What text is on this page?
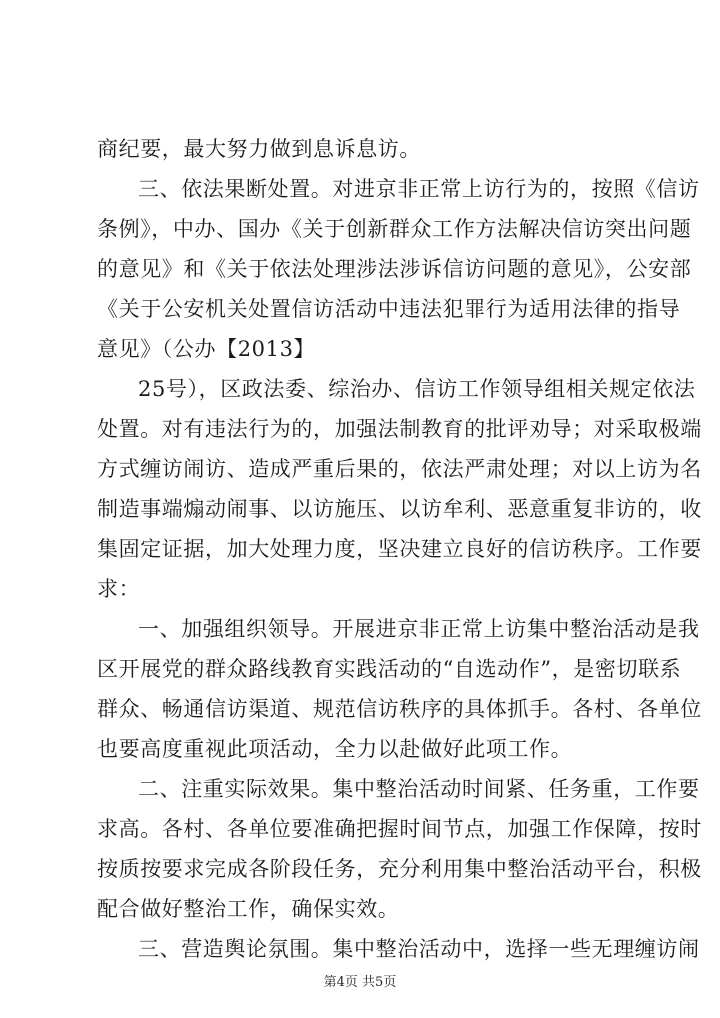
商纪要，最大努力做到息诉息访。
三、依法果断处置。对进京非正常上访行为的，按照《信访
条例》，中办、国办《关于创新群众工作方法解决信访突出问题
的意见》和《关于依法处理涉法涉诉信访问题的意见》，公安部
《关于公安机关处置信访活动中违法犯罪行为适用法律的指导
意见》（公办【2013】
25号），区政法委、综治办、信访工作领导组相关规定依法
处置。对有违法行为的，加强法制教育的批评劝导；对采取极端
方式缠访闹访、造成严重后果的，依法严肃处理；对以上访为名
制造事端煽动闹事、以访施压、以访牟利、恶意重复非访的，收
集固定证据，加大处理力度，坚决建立良好的信访秩序。工作要
求：
一、加强组织领导。开展进京非正常上访集中整治活动是我
区开展党的群众路线教育实践活动的“自选动作”，是密切联系
群众、畅通信访渠道、规范信访秩序的具体抓手。各村、各单位
也要高度重视此项活动，全力以赴做好此项工作。
二、注重实际效果。集中整治活动时间紧、任务重，工作要
求高。各村、各单位要准确把握时间节点，加强工作保障，按时
按质按要求完成各阶段任务，充分利用集中整治活动平台，积极
配合做好整治工作，确保实效。
三、营造舆论氛围。集中整治活动中，选择一些无理缠访闹
第4页 共5页
